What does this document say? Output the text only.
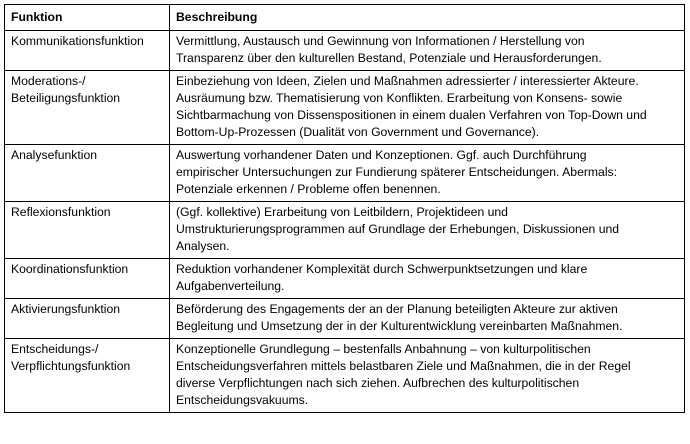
Funktion	Beschreibung

Kommunikationsfunktion	Vermittlung, Austausch und Gewinnung von Informationen / Herstellung von
Transparenz über den kulturellen Bestand, Potenziale und Herausforderungen.

Moderations-/
Beteiligungsfunktion	Einbeziehung von Ideen, Zielen und Maßnahmen adressierter / interessierter Akteure.
Ausräumung bzw. Thematisierung von Konflikten. Erarbeitung von Konsens- sowie
Sichtbarmachung von Dissenspositionen in einem dualen Verfahren von Top-Down und
Bottom-Up-Prozessen (Dualität von Government und Governance).

Analysefunktion	Auswertung vorhandener Daten und Konzeptionen. Ggf. auch Durchführung
empirischer Untersuchungen zur Fundierung späterer Entscheidungen. Abermals:
Potenziale erkennen / Probleme offen benennen.

Reflexionsfunktion	(Ggf. kollektive) Erarbeitung von Leitbildern, Projektideen und
Umstrukturierungsprogrammen auf Grundlage der Erhebungen, Diskussionen und
Analysen.

Koordinationsfunktion	Reduktion vorhandener Komplexität durch Schwerpunktsetzungen und klare
Aufgabenverteilung.

Aktivierungsfunktion	Beförderung des Engagements der an der Planung beteiligten Akteure zur aktiven
Begleitung und Umsetzung der in der Kulturentwicklung vereinbarten Maßnahmen.

Entscheidungs-/
Verpflichtungsfunktion	Konzeptionelle Grundlegung – bestenfalls Anbahnung – von kulturpolitischen
Entscheidungsverfahren mittels belastbaren Ziele und Maßnahmen, die in der Regel
diverse Verpflichtungen nach sich ziehen. Aufbrechen des kulturpolitischen
Entscheidungsvakuums.
